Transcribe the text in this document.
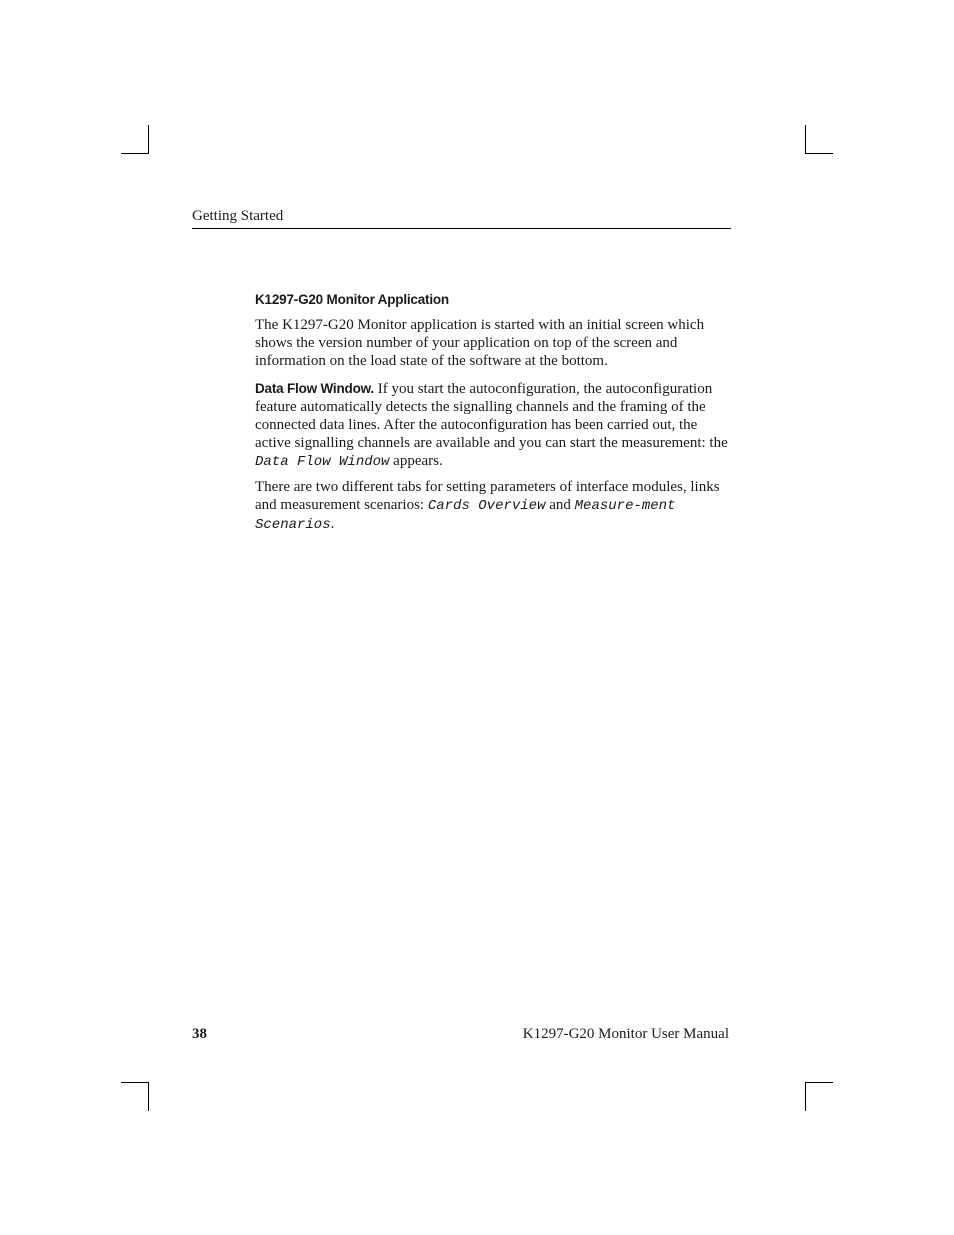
Getting Started
K1297-G20 Monitor Application

The K1297-G20 Monitor application is started with an initial screen which shows the version number of your application on top of the screen and information on the load state of the software at the bottom.

Data Flow Window. If you start the autoconfiguration, the autoconfiguration feature automatically detects the signalling channels and the framing of the connected data lines. After the autoconfiguration has been carried out, the active signalling channels are available and you can start the measurement: the Data Flow Window appears.

There are two different tabs for setting parameters of interface modules, links and measurement scenarios: Cards Overview and Measure-ment Scenarios.

38	K1297-G20 Monitor User Manual
